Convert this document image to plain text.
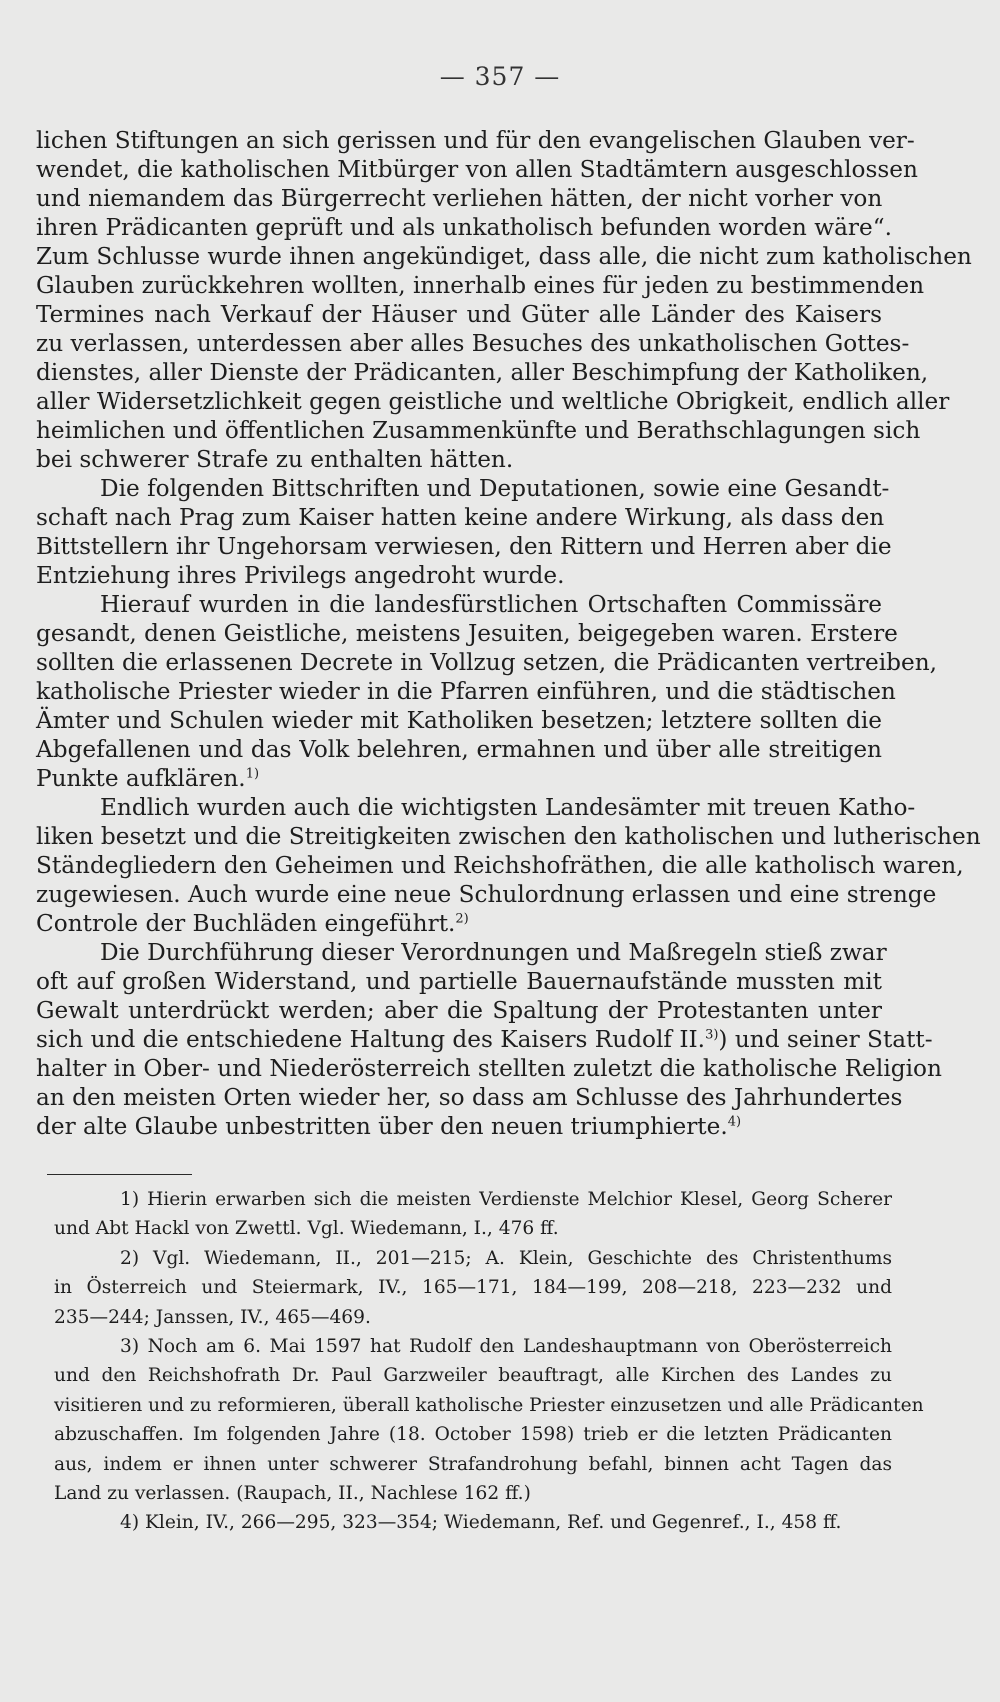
— 357 —
lichen Stiftungen an sich gerissen und für den evangelischen Glauben ver-
wendet, die katholischen Mitbürger von allen Stadtämtern ausgeschlossen
und niemandem das Bürgerrecht verliehen hätten, der nicht vorher von
ihren Prädicanten geprüft und als unkatholisch befunden worden wäre“.
Zum Schlusse wurde ihnen angekündiget, dass alle, die nicht zum katholischen
Glauben zurückkehren wollten, innerhalb eines für jeden zu bestimmenden
Termines nach Verkauf der Häuser und Güter alle Länder des Kaisers
zu verlassen, unterdessen aber alles Besuches des unkatholischen Gottes-
dienstes, aller Dienste der Prädicanten, aller Beschimpfung der Katholiken,
aller Widersetzlichkeit gegen geistliche und weltliche Obrigkeit, endlich aller
heimlichen und öffentlichen Zusammenkünfte und Berathschlagungen sich
bei schwerer Strafe zu enthalten hätten.
Die folgenden Bittschriften und Deputationen, sowie eine Gesandt-
schaft nach Prag zum Kaiser hatten keine andere Wirkung, als dass den
Bittstellern ihr Ungehorsam verwiesen, den Rittern und Herren aber die
Entziehung ihres Privilegs angedroht wurde.
Hierauf wurden in die landesfürstlichen Ortschaften Commissäre
gesandt, denen Geistliche, meistens Jesuiten, beigegeben waren. Erstere
sollten die erlassenen Decrete in Vollzug setzen, die Prädicanten vertreiben,
katholische Priester wieder in die Pfarren einführen, und die städtischen
Ämter und Schulen wieder mit Katholiken besetzen; letztere sollten die
Abgefallenen und das Volk belehren, ermahnen und über alle streitigen
Punkte aufklären.$^{1)}$
Endlich wurden auch die wichtigsten Landesämter mit treuen Katho-
liken besetzt und die Streitigkeiten zwischen den katholischen und lutherischen
Ständegliedern den Geheimen und Reichshofräthen, die alle katholisch waren,
zugewiesen. Auch wurde eine neue Schulordnung erlassen und eine strenge
Controle der Buchläden eingeführt.$^{2)}$
Die Durchführung dieser Verordnungen und Maßregeln stieß zwar
oft auf großen Widerstand, und partielle Bauernaufstände mussten mit
Gewalt unterdrückt werden; aber die Spaltung der Protestanten unter
sich und die entschiedene Haltung des Kaisers Rudolf II.$^{3)}$) und seiner Statt-
halter in Ober- und Niederösterreich stellten zuletzt die katholische Religion
an den meisten Orten wieder her, so dass am Schlusse des Jahrhundertes
der alte Glaube unbestritten über den neuen triumphierte.$^{4)}$
1) Hierin erwarben sich die meisten Verdienste Melchior Klesel, Georg Scherer
und Abt Hackl von Zwettl. Vgl. Wiedemann, I., 476 ff.
2) Vgl. Wiedemann, II., 201—215; A. Klein, Geschichte des Christenthums
in Österreich und Steiermark, IV., 165—171, 184—199, 208—218, 223—232 und
235—244; Janssen, IV., 465—469.
3) Noch am 6. Mai 1597 hat Rudolf den Landeshauptmann von Oberösterreich
und den Reichshofrath Dr. Paul Garzweiler beauftragt, alle Kirchen des Landes zu
visitieren und zu reformieren, überall katholische Priester einzusetzen und alle Prädicanten
abzuschaffen. Im folgenden Jahre (18. October 1598) trieb er die letzten Prädicanten
aus, indem er ihnen unter schwerer Strafandrohung befahl, binnen acht Tagen das
Land zu verlassen. (Raupach, II., Nachlese 162 ff.)
4) Klein, IV., 266—295, 323—354; Wiedemann, Ref. und Gegenref., I., 458 ff.
